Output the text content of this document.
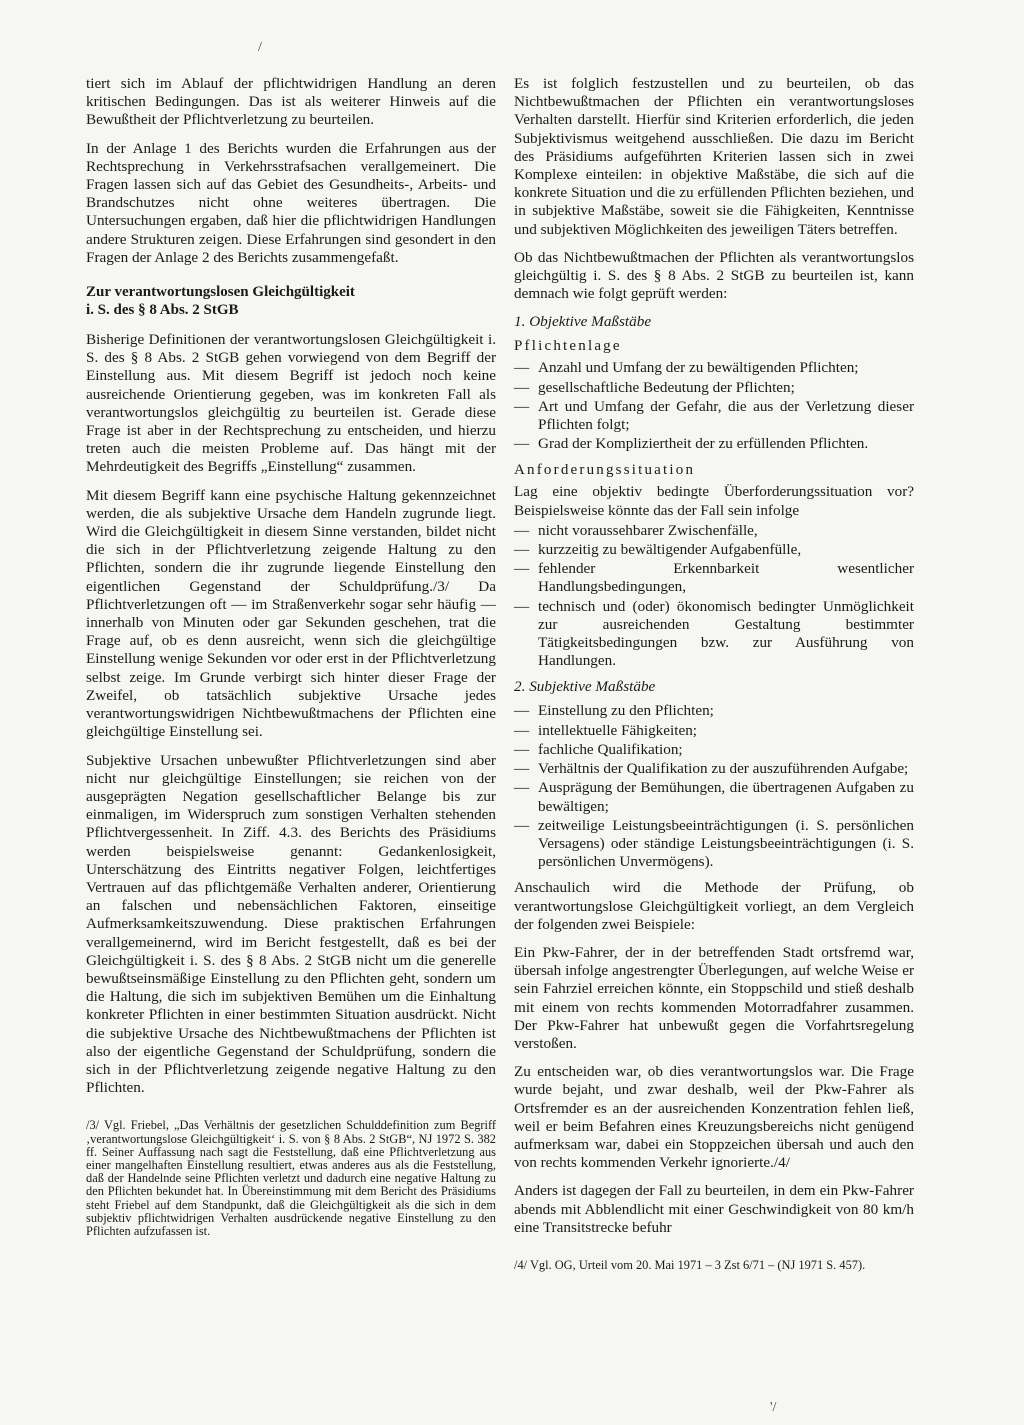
/

tiert sich im Ablauf der pflichtwidrigen Handlung an deren kritischen Bedingungen. Das ist als weiterer Hinweis auf die Bewußtheit der Pflichtverletzung zu beurteilen.

In der Anlage 1 des Berichts wurden die Erfahrungen aus der Rechtsprechung in Verkehrsstrafsachen verallgemeinert. Die Fragen lassen sich auf das Gebiet des Gesundheits-, Arbeits- und Brandschutzes nicht ohne weiteres übertragen. Die Untersuchungen ergaben, daß hier die pflichtwidrigen Handlungen andere Strukturen zeigen. Diese Erfahrungen sind gesondert in den Fragen der Anlage 2 des Berichts zusammengefaßt.

Zur verantwortungslosen Gleichgültigkeit
i. S. des § 8 Abs. 2 StGB

Bisherige Definitionen der verantwortungslosen Gleichgültigkeit i. S. des § 8 Abs. 2 StGB gehen vorwiegend von dem Begriff der Einstellung aus. Mit diesem Begriff ist jedoch noch keine ausreichende Orientierung gegeben, was im konkreten Fall als verantwortungslos gleichgültig zu beurteilen ist. Gerade diese Frage ist aber in der Rechtsprechung zu entscheiden, und hierzu treten auch die meisten Probleme auf. Das hängt mit der Mehrdeutigkeit des Begriffs „Einstellung“ zusammen.

Mit diesem Begriff kann eine psychische Haltung gekennzeichnet werden, die als subjektive Ursache dem Handeln zugrunde liegt. Wird die Gleichgültigkeit in diesem Sinne verstanden, bildet nicht die sich in der Pflichtverletzung zeigende Haltung zu den Pflichten, sondern die ihr zugrunde liegende Einstellung den eigentlichen Gegenstand der Schuldprüfung./3/ Da Pflichtverletzungen oft — im Straßenverkehr sogar sehr häufig — innerhalb von Minuten oder gar Sekunden geschehen, trat die Frage auf, ob es denn ausreicht, wenn sich die gleichgültige Einstellung wenige Sekunden vor oder erst in der Pflichtverletzung selbst zeige. Im Grunde verbirgt sich hinter dieser Frage der Zweifel, ob tatsächlich subjektive Ursache jedes verantwortungswidrigen Nichtbewußtmachens der Pflichten eine gleichgültige Einstellung sei.

Subjektive Ursachen unbewußter Pflichtverletzungen sind aber nicht nur gleichgültige Einstellungen; sie reichen von der ausgeprägten Negation gesellschaftlicher Belange bis zur einmaligen, im Widerspruch zum sonstigen Verhalten stehenden Pflichtvergessenheit. In Ziff. 4.3. des Berichts des Präsidiums werden beispielsweise genannt: Gedankenlosigkeit, Unterschätzung des Eintritts negativer Folgen, leichtfertiges Vertrauen auf das pflichtgemäße Verhalten anderer, Orientierung an falschen und nebensächlichen Faktoren, einseitige Aufmerksamkeitszuwendung. Diese praktischen Erfahrungen verallgemeinernd, wird im Bericht festgestellt, daß es bei der Gleichgültigkeit i. S. des § 8 Abs. 2 StGB nicht um die generelle bewußtseinsmäßige Einstellung zu den Pflichten geht, sondern um die Haltung, die sich im subjektiven Bemühen um die Einhaltung konkreter Pflichten in einer bestimmten Situation ausdrückt. Nicht die subjektive Ursache des Nichtbewußtmachens der Pflichten ist also der eigentliche Gegenstand der Schuldprüfung, sondern die sich in der Pflichtverletzung zeigende negative Haltung zu den Pflichten.

/3/ Vgl. Friebel, „Das Verhältnis der gesetzlichen Schulddefinition zum Begriff ‚verantwortungslose Gleichgültigkeit‘ i. S. von § 8 Abs. 2 StGB“, NJ 1972 S. 382 ff. Seiner Auffassung nach sagt die Feststellung, daß eine Pflichtverletzung aus einer mangelhaften Einstellung resultiert, etwas anderes aus als die Feststellung, daß der Handelnde seine Pflichten verletzt und dadurch eine negative Haltung zu den Pflichten bekundet hat. In Übereinstimmung mit dem Bericht des Präsidiums steht Friebel auf dem Standpunkt, daß die Gleichgültigkeit als die sich in dem subjektiv pflichtwidrigen Verhalten ausdrückende negative Einstellung zu den Pflichten aufzufassen ist.

Es ist folglich festzustellen und zu beurteilen, ob das Nichtbewußtmachen der Pflichten ein verantwortungsloses Verhalten darstellt. Hierfür sind Kriterien erforderlich, die jeden Subjektivismus weitgehend ausschließen. Die dazu im Bericht des Präsidiums aufgeführten Kriterien lassen sich in zwei Komplexe einteilen: in objektive Maßstäbe, die sich auf die konkrete Situation und die zu erfüllenden Pflichten beziehen, und in subjektive Maßstäbe, soweit sie die Fähigkeiten, Kenntnisse und subjektiven Möglichkeiten des jeweiligen Täters betreffen.

Ob das Nichtbewußtmachen der Pflichten als verantwortungslos gleichgültig i. S. des § 8 Abs. 2 StGB zu beurteilen ist, kann demnach wie folgt geprüft werden:

1. Objektive Maßstäbe
Pflichtenlage
— Anzahl und Umfang der zu bewältigenden Pflichten;
— gesellschaftliche Bedeutung der Pflichten;
— Art und Umfang der Gefahr, die aus der Verletzung dieser Pflichten folgt;
— Grad der Kompliziertheit der zu erfüllenden Pflichten.
Anforderungssituation

Lag eine objektiv bedingte Überforderungssituation vor? Beispielsweise könnte das der Fall sein infolge

— nicht voraussehbarer Zwischenfälle,
— kurzzeitig zu bewältigender Aufgabenfülle,
— fehlender Erkennbarkeit wesentlicher Handlungsbedingungen,
— technisch und (oder) ökonomisch bedingter Unmöglichkeit zur ausreichenden Gestaltung bestimmter Tätigkeitsbedingungen bzw. zur Ausführung von Handlungen.
2. Subjektive Maßstäbe
— Einstellung zu den Pflichten;
— intellektuelle Fähigkeiten;
— fachliche Qualifikation;
— Verhältnis der Qualifikation zu der auszuführenden Aufgabe;
— Ausprägung der Bemühungen, die übertragenen Aufgaben zu bewältigen;
— zeitweilige Leistungsbeeinträchtigungen (i. S. persönlichen Versagens) oder ständige Leistungsbeeinträchtigungen (i. S. persönlichen Unvermögens).

Anschaulich wird die Methode der Prüfung, ob verantwortungslose Gleichgültigkeit vorliegt, an dem Vergleich der folgenden zwei Beispiele:

Ein Pkw-Fahrer, der in der betreffenden Stadt ortsfremd war, übersah infolge angestrengter Überlegungen, auf welche Weise er sein Fahrziel erreichen könnte, ein Stoppschild und stieß deshalb mit einem von rechts kommenden Motorradfahrer zusammen. Der Pkw-Fahrer hat unbewußt gegen die Vorfahrtsregelung verstoßen.

Zu entscheiden war, ob dies verantwortungslos war. Die Frage wurde bejaht, und zwar deshalb, weil der Pkw-Fahrer als Ortsfremder es an der ausreichenden Konzentration fehlen ließ, weil er beim Befahren eines Kreuzungsbereichs nicht genügend aufmerksam war, dabei ein Stoppzeichen übersah und auch den von rechts kommenden Verkehr ignorierte./4/

Anders ist dagegen der Fall zu beurteilen, in dem ein Pkw-Fahrer abends mit Abblendlicht mit einer Geschwindigkeit von 80 km/h eine Transitstrecke befuhr

/4/ Vgl. OG, Urteil vom 20. Mai 1971 – 3 Zst 6/71 – (NJ 1971 S. 457).

'/
